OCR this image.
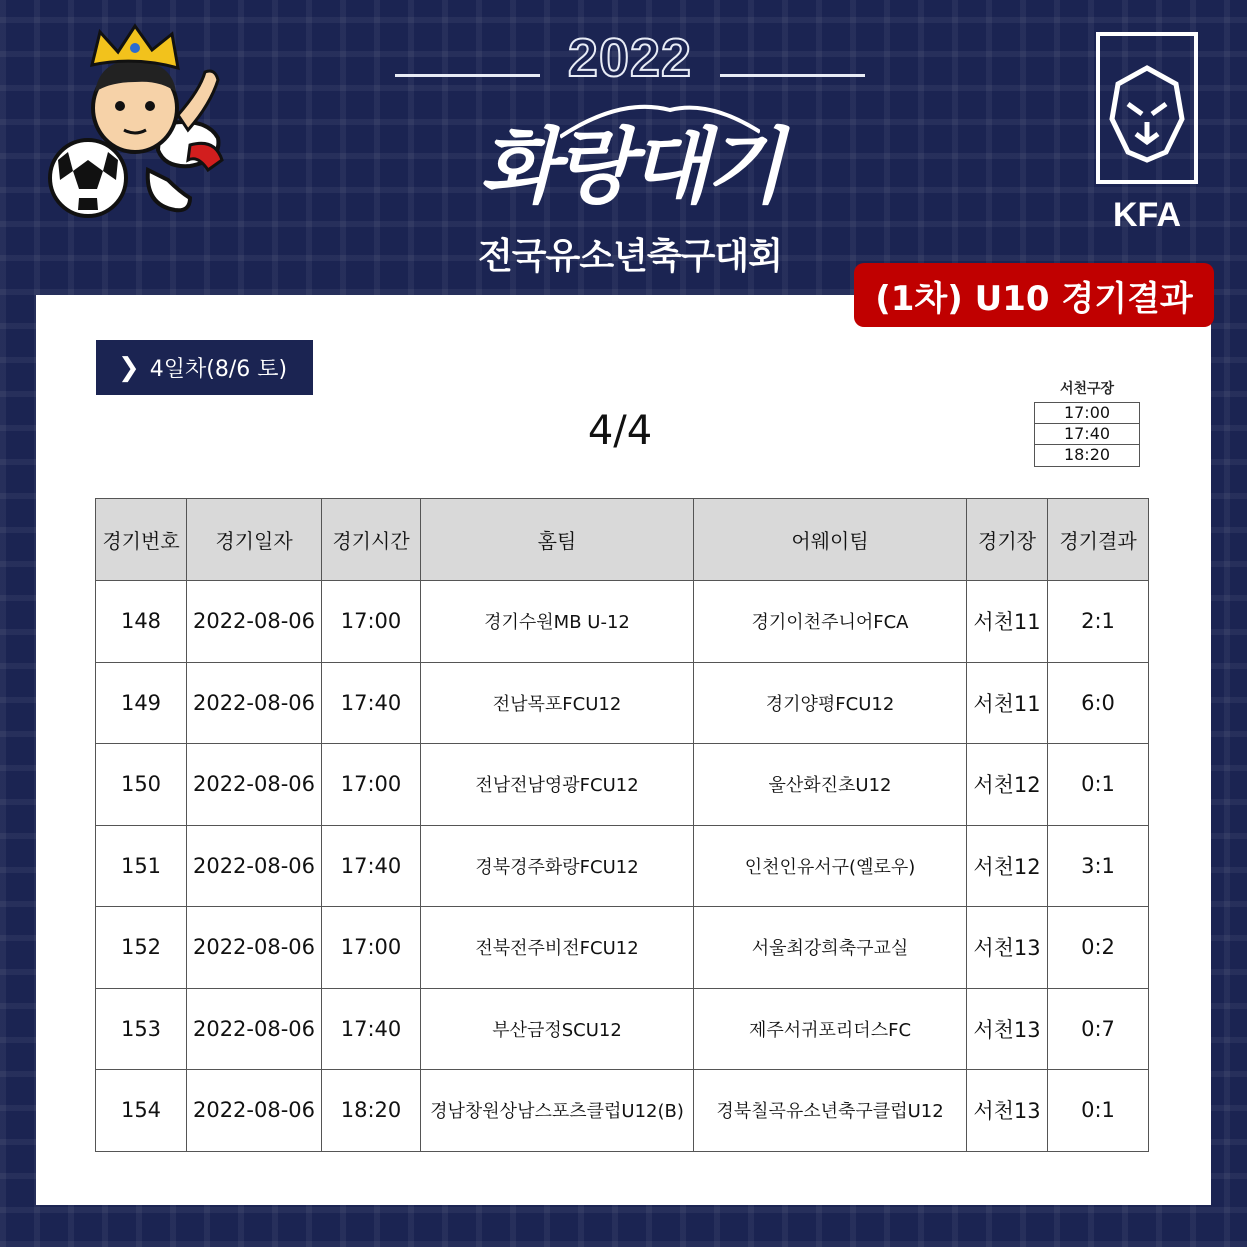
2022
화랑대기
전국유소년축구대회
KFA
(1차) U10 경기결과
❯ 4일차(8/6 토)
4/4
서천구장
17:00
17:40
18:20
경기번호	경기일자	경기시간	홈팀	어웨이팀	경기장	경기결과
148	2022-08-06	17:00	경기수원MB U-12	경기이천주니어FCA	서천11	2:1
149	2022-08-06	17:40	전남목포FCU12	경기양평FCU12	서천11	6:0
150	2022-08-06	17:00	전남전남영광FCU12	울산화진초U12	서천12	0:1
151	2022-08-06	17:40	경북경주화랑FCU12	인천인유서구(옐로우)	서천12	3:1
152	2022-08-06	17:00	전북전주비전FCU12	서울최강희축구교실	서천13	0:2
153	2022-08-06	17:40	부산금정SCU12	제주서귀포리더스FC	서천13	0:7
154	2022-08-06	18:20	경남창원상남스포츠클럽U12(B)	경북칠곡유소년축구클럽U12	서천13	0:1
